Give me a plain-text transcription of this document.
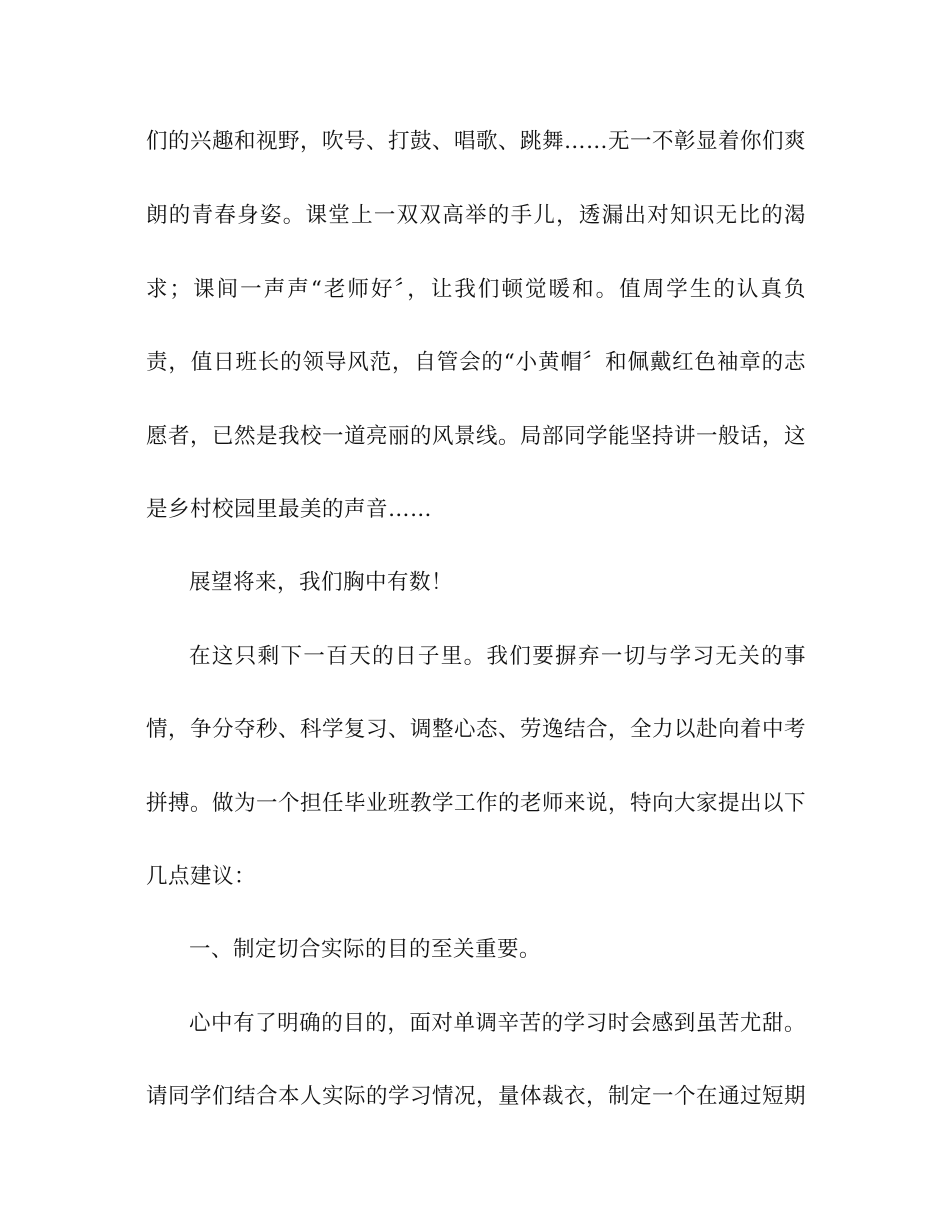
们的兴趣和视野，吹号、打鼓、唱歌、跳舞……无一不彰显着你们爽
朗的青春身姿。课堂上一双双高举的手儿，透漏出对知识无比的渴
求；课间一声声“老师好〞，让我们顿觉暖和。值周学生的认真负
责，值日班长的领导风范，自管会的“小黄帽〞和佩戴红色袖章的志
愿者，已然是我校一道亮丽的风景线。局部同学能坚持讲一般话，这
是乡村校园里最美的声音……
展望将来，我们胸中有数！
在这只剩下一百天的日子里。我们要摒弃一切与学习无关的事
情，争分夺秒、科学复习、调整心态、劳逸结合，全力以赴向着中考
拼搏。做为一个担任毕业班教学工作的老师来说，特向大家提出以下
几点建议：
一、制定切合实际的目的至关重要。
心中有了明确的目的，面对单调辛苦的学习时会感到虽苦尤甜。
请同学们结合本人实际的学习情况，量体裁衣，制定一个在通过短期
